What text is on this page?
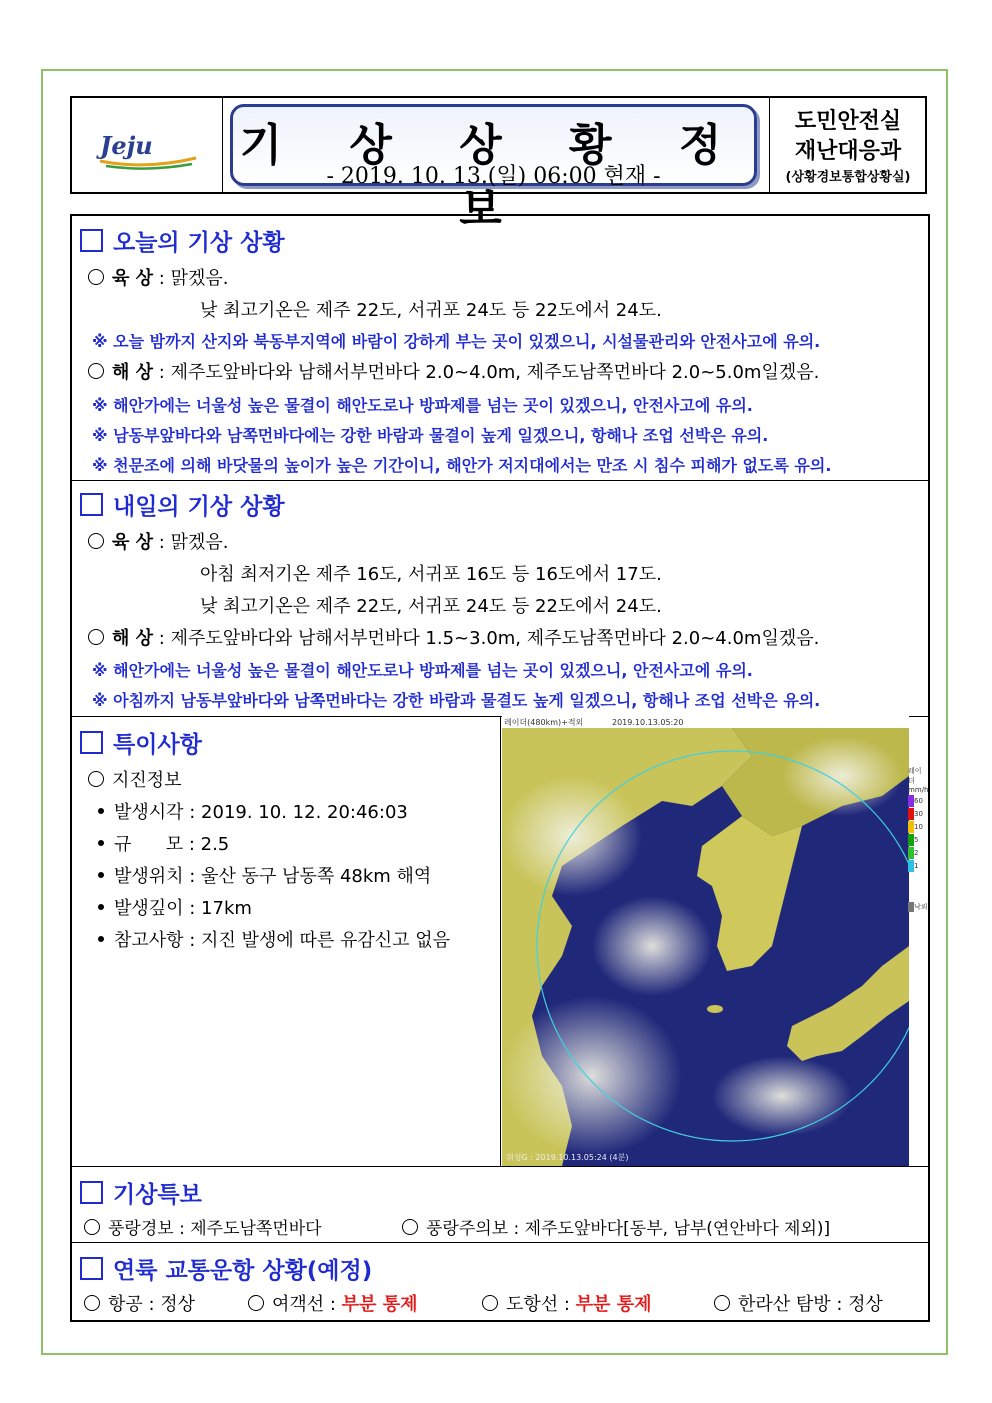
Jeju 기 상 상 황 정 보
- 2019. 10. 13.(일) 06:00 현재 -
도민안전실
재난대응과
(상황경보통합상황실)
오늘의 기상 상황
육 상 : 맑겠음.
낮 최고기온은 제주 22도, 서귀포 24도 등 22도에서 24도.
※ 오늘 밤까지 산지와 북동부지역에 바람이 강하게 부는 곳이 있겠으니, 시설물관리와 안전사고에 유의.
해 상 : 제주도앞바다와 남해서부먼바다 2.0~4.0m, 제주도남쪽먼바다 2.0~5.0m일겠음.
※ 해안가에는 너울성 높은 물결이 해안도로나 방파제를 넘는 곳이 있겠으니, 안전사고에 유의.
※ 남동부앞바다와 남쪽먼바다에는 강한 바람과 물결이 높게 일겠으니, 항해나 조업 선박은 유의.
※ 천문조에 의해 바닷물의 높이가 높은 기간이니, 해안가 저지대에서는 만조 시 침수 피해가 없도록 유의.
내일의 기상 상황
육 상 : 맑겠음.
아침 최저기온 제주 16도, 서귀포 16도 등 16도에서 17도.
낮 최고기온은 제주 22도, 서귀포 24도 등 22도에서 24도.
해 상 : 제주도앞바다와 남해서부먼바다 1.5~3.0m, 제주도남쪽먼바다 2.0~4.0m일겠음.
※ 해안가에는 너울성 높은 물결이 해안도로나 방파제를 넘는 곳이 있겠으니, 안전사고에 유의.
※ 아침까지 남동부앞바다와 남쪽먼바다는 강한 바람과 물결도 높게 일겠으니, 항해나 조업 선박은 유의.
특이사항
지진정보
발생시각 : 2019. 10. 12. 20:46:03
규      모 : 2.5
발생위치 : 울산 동구 남동쪽 48km 해역
발생깊이 : 17km
참고사항 : 지진 발생에 따른 유감신고 없음
레이더(480km)+적외	2019.10.13.05:20
위성G : 2019.10.13.05:24 (4분)
레이더
mm/h
60
30
10
5
2
1
낙뢰
기상특보
풍랑경보 : 제주도남쪽먼바다	풍랑주의보 : 제주도앞바다[동부, 남부(연안바다 제외)]
연륙 교통운항 상황(예정)
항공 : 정상	여객선 : 부분 통제	도항선 : 부분 통제	한라산 탐방 : 정상
